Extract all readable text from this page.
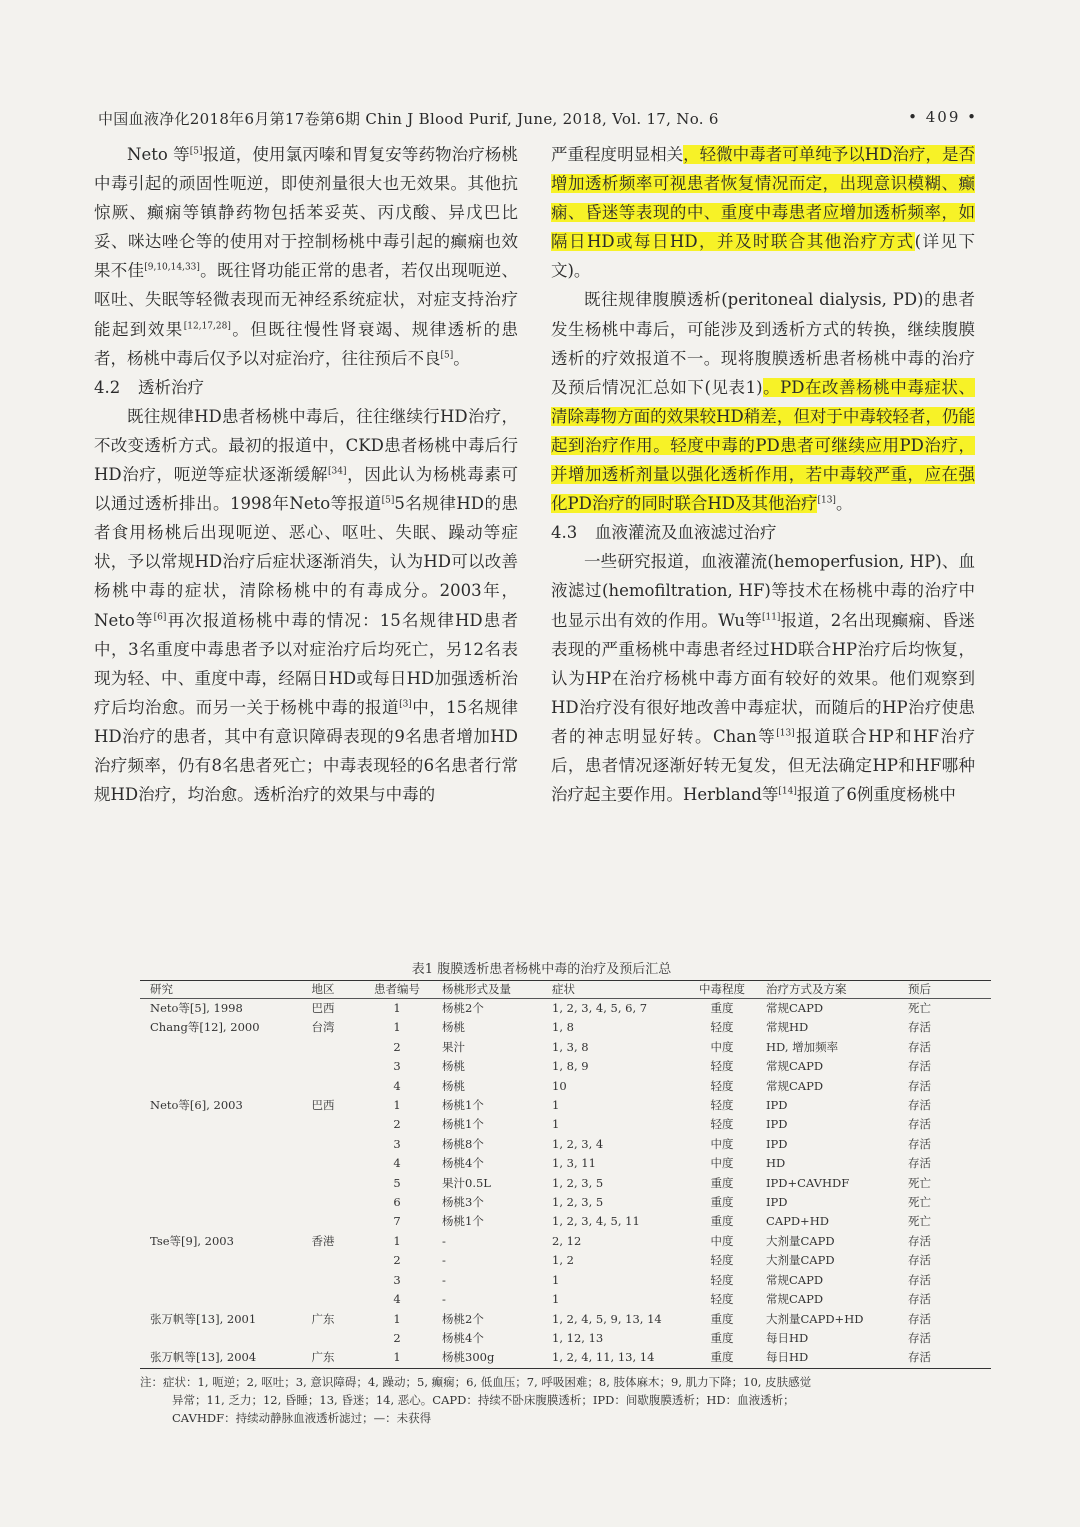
中国血液净化2018年6月第17卷第6期 Chin J Blood Purif, June, 2018, Vol. 17, No. 6	• 409 •

Neto 等[5]报道，使用氯丙嗪和胃复安等药物治疗杨桃中毒引起的顽固性呃逆，即使剂量很大也无效果。其他抗惊厥、癫痫等镇静药物包括苯妥英、丙戊酸、异戊巴比妥、咪达唑仑等的使用对于控制杨桃中毒引起的癫痫也效果不佳[9,10,14,33]。既往肾功能正常的患者，若仅出现呃逆、呕吐、失眠等轻微表现而无神经系统症状，对症支持治疗能起到效果[12,17,28]。但既往慢性肾衰竭、规律透析的患者，杨桃中毒后仅予以对症治疗，往往预后不良[5]。

4.2 透析治疗

既往规律HD患者杨桃中毒后，往往继续行HD治疗，不改变透析方式。最初的报道中，CKD患者杨桃中毒后行HD治疗，呃逆等症状逐渐缓解[34]，因此认为杨桃毒素可以通过透析排出。1998年Neto等报道[5]5名规律HD的患者食用杨桃后出现呃逆、恶心、呕吐、失眠、躁动等症状，予以常规HD治疗后症状逐渐消失，认为HD可以改善杨桃中毒的症状，清除杨桃中的有毒成分。2003年，Neto等[6]再次报道杨桃中毒的情况：15名规律HD患者中，3名重度中毒患者予以对症治疗后均死亡，另12名表现为轻、中、重度中毒，经隔日HD或每日HD加强透析治疗后均治愈。而另一关于杨桃中毒的报道[3]中，15名规律HD治疗的患者，其中有意识障碍表现的9名患者增加HD治疗频率，仍有8名患者死亡；中毒表现轻的6名患者行常规HD治疗，均治愈。透析治疗的效果与中毒的

严重程度明显相关，轻微中毒者可单纯予以HD治疗，是否增加透析频率可视患者恢复情况而定，出现意识模糊、癫痫、昏迷等表现的中、重度中毒患者应增加透析频率，如隔日HD或每日HD，并及时联合其他治疗方式(详见下文)。

既往规律腹膜透析(peritoneal dialysis, PD)的患者发生杨桃中毒后，可能涉及到透析方式的转换，继续腹膜透析的疗效报道不一。现将腹膜透析患者杨桃中毒的治疗及预后情况汇总如下(见表1)。PD在改善杨桃中毒症状、清除毒物方面的效果较HD稍差，但对于中毒较轻者，仍能起到治疗作用。轻度中毒的PD患者可继续应用PD治疗，并增加透析剂量以强化透析作用，若中毒较严重，应在强化PD治疗的同时联合HD及其他治疗[13]。

4.3 血液灌流及血液滤过治疗

一些研究报道，血液灌流(hemoperfusion, HP)、血液滤过(hemofiltration, HF)等技术在杨桃中毒的治疗中也显示出有效的作用。Wu等[11]报道，2名出现癫痫、昏迷表现的严重杨桃中毒患者经过HD联合HP治疗后均恢复，认为HP在治疗杨桃中毒方面有较好的效果。他们观察到HD治疗没有很好地改善中毒症状，而随后的HP治疗使患者的神志明显好转。Chan等[13]报道联合HP和HF治疗后，患者情况逐渐好转无复发，但无法确定HP和HF哪种治疗起主要作用。Herbland等[14]报道了6例重度杨桃中

表1 腹膜透析患者杨桃中毒的治疗及预后汇总
研究	地区	患者编号	杨桃形式及量	症状	中毒程度	治疗方式及方案	预后
Neto等[5], 1998	巴西	1	杨桃2个	1, 2, 3, 4, 5, 6, 7	重度	常规CAPD	死亡
Chang等[12], 2000	台湾	1	杨桃	1, 8	轻度	常规HD	存活
		2	果汁	1, 3, 8	中度	HD, 增加频率	存活
		3	杨桃	1, 8, 9	轻度	常规CAPD	存活
		4	杨桃	10	轻度	常规CAPD	存活
Neto等[6], 2003	巴西	1	杨桃1个	1	轻度	IPD	存活
		2	杨桃1个	1	轻度	IPD	存活
		3	杨桃8个	1, 2, 3, 4	中度	IPD	存活
		4	杨桃4个	1, 3, 11	中度	HD	存活
		5	果汁0.5L	1, 2, 3, 5	重度	IPD+CAVHDF	死亡
		6	杨桃3个	1, 2, 3, 5	重度	IPD	死亡
		7	杨桃1个	1, 2, 3, 4, 5, 11	重度	CAPD+HD	死亡
Tse等[9], 2003	香港	1	-	2, 12	中度	大剂量CAPD	存活
		2	-	1, 2	轻度	大剂量CAPD	存活
		3	-	1	轻度	常规CAPD	存活
		4	-	1	轻度	常规CAPD	存活
张万帆等[13], 2001	广东	1	杨桃2个	1, 2, 4, 5, 9, 13, 14	重度	大剂量CAPD+HD	存活
		2	杨桃4个	1, 12, 13	重度	每日HD	存活
张万帆等[13], 2004	广东	1	杨桃300g	1, 2, 4, 11, 13, 14	重度	每日HD	存活
注：症状：1, 呃逆；2, 呕吐；3, 意识障碍；4, 躁动；5, 癫痫；6, 低血压；7, 呼吸困难；8, 肢体麻木；9, 肌力下降；10, 皮肤感觉
异常；11, 乏力；12, 昏睡；13, 昏迷；14, 恶心。CAPD：持续不卧床腹膜透析；IPD：间歇腹膜透析；HD：血液透析；
CAVHDF：持续动静脉血液透析滤过；—：未获得
